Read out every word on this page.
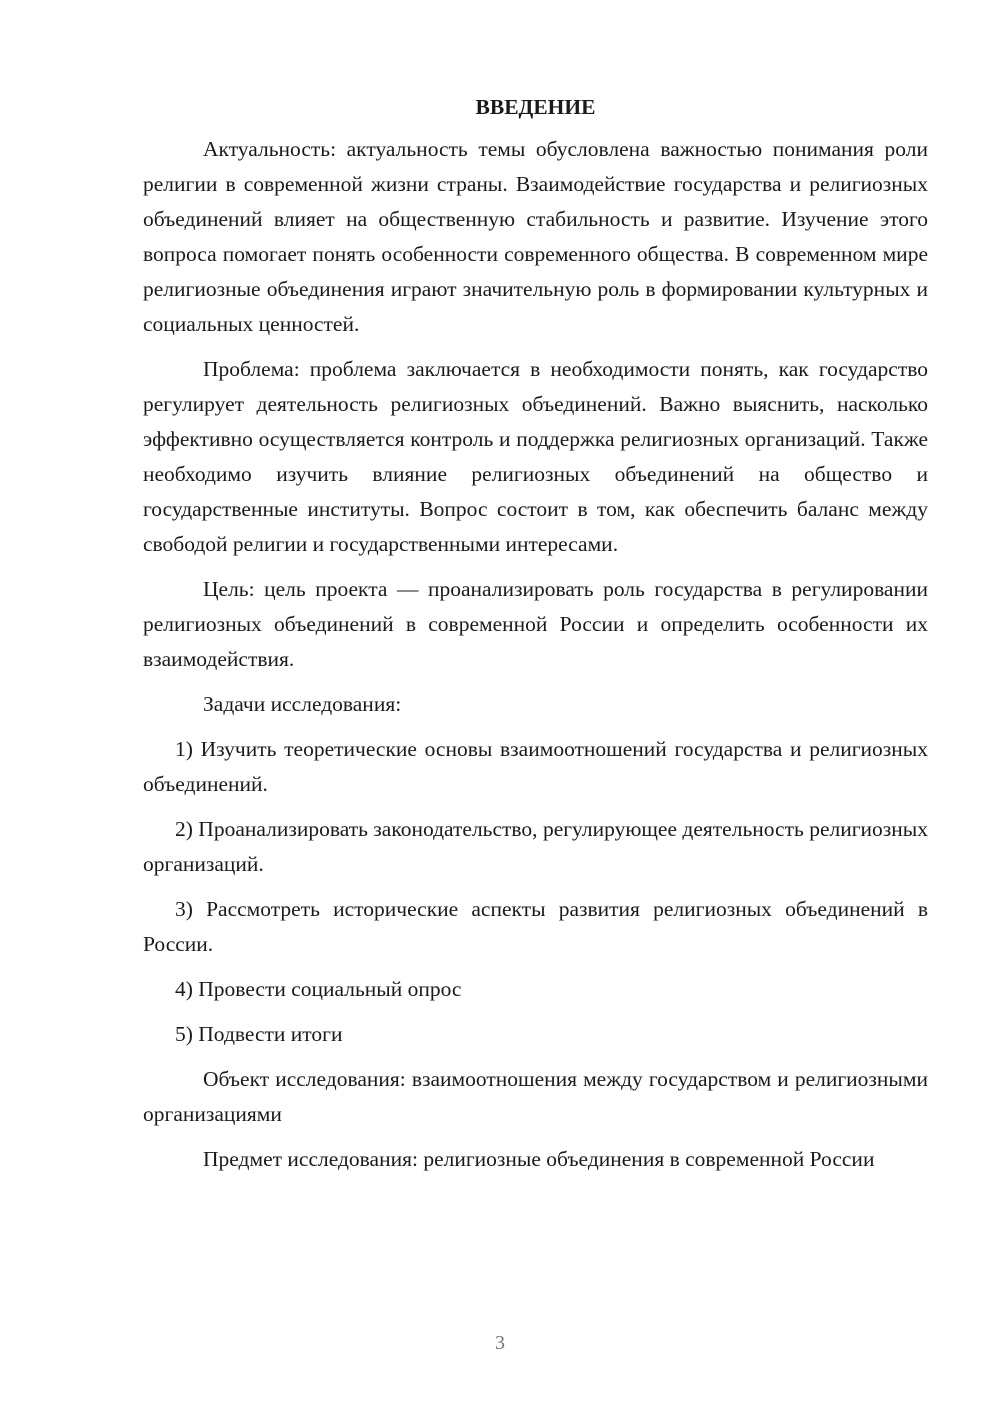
ВВЕДЕНИЕ

Актуальность: актуальность темы обусловлена важностью понимания роли религии в современной жизни страны. Взаимодействие государства и религиозных объединений влияет на общественную стабильность и развитие. Изучение этого вопроса помогает понять особенности современного общества. В современном мире религиозные объединения играют значительную роль в формировании культурных и социальных ценностей.

Проблема: проблема заключается в необходимости понять, как государство регулирует деятельность религиозных объединений. Важно выяснить, насколько эффективно осуществляется контроль и поддержка религиозных организаций. Также необходимо изучить влияние религиозных объединений на общество и государственные институты. Вопрос состоит в том, как обеспечить баланс между свободой религии и государственными интересами.

Цель: цель проекта — проанализировать роль государства в регулировании религиозных объединений в современной России и определить особенности их взаимодействия.

Задачи исследования:

1) Изучить теоретические основы взаимоотношений государства и религиозных объединений.

2) Проанализировать законодательство, регулирующее деятельность религиозных организаций.

3) Рассмотреть исторические аспекты развития религиозных объединений в России.

4) Провести социальный опрос

5) Подвести итоги

Объект исследования: взаимоотношения между государством и религиозными организациями

Предмет исследования: религиозные объединения в современной России

3
